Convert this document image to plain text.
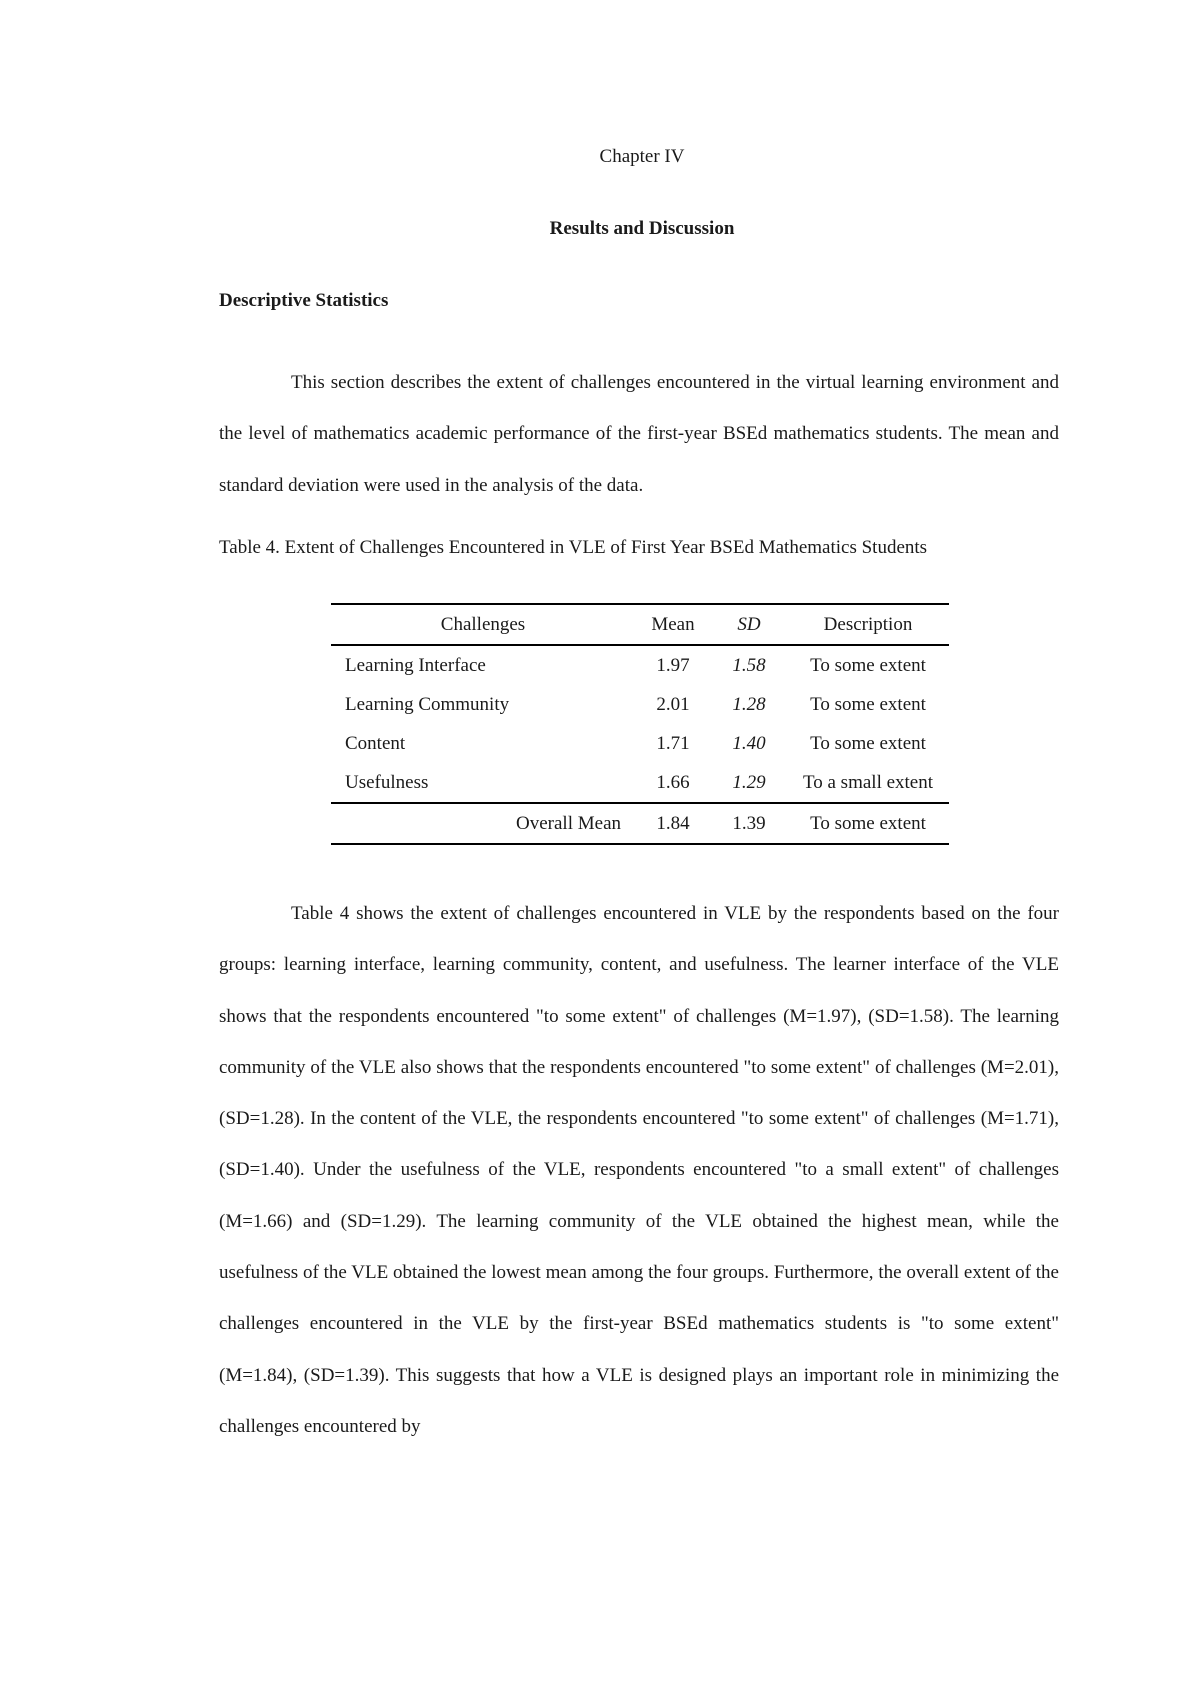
Chapter IV
Results and Discussion
Descriptive Statistics

This section describes the extent of challenges encountered in the virtual learning environment and the level of mathematics academic performance of the first-year BSEd mathematics students. The mean and standard deviation were used in the analysis of the data.

Table 4. Extent of Challenges Encountered in VLE of First Year BSEd Mathematics Students
Challenges	Mean	SD	Description
Learning Interface	1.97	1.58	To some extent
Learning Community	2.01	1.28	To some extent
Content	1.71	1.40	To some extent
Usefulness	1.66	1.29	To a small extent
Overall Mean	1.84	1.39	To some extent

Table 4 shows the extent of challenges encountered in VLE by the respondents based on the four groups: learning interface, learning community, content, and usefulness. The learner interface of the VLE shows that the respondents encountered "to some extent" of challenges (M=1.97), (SD=1.58). The learning community of the VLE also shows that the respondents encountered "to some extent" of challenges (M=2.01), (SD=1.28). In the content of the VLE, the respondents encountered "to some extent" of challenges (M=1.71), (SD=1.40). Under the usefulness of the VLE, respondents encountered "to a small extent" of challenges (M=1.66) and (SD=1.29). The learning community of the VLE obtained the highest mean, while the usefulness of the VLE obtained the lowest mean among the four groups. Furthermore, the overall extent of the challenges encountered in the VLE by the first-year BSEd mathematics students is "to some extent" (M=1.84), (SD=1.39). This suggests that how a VLE is designed plays an important role in minimizing the challenges encountered by
